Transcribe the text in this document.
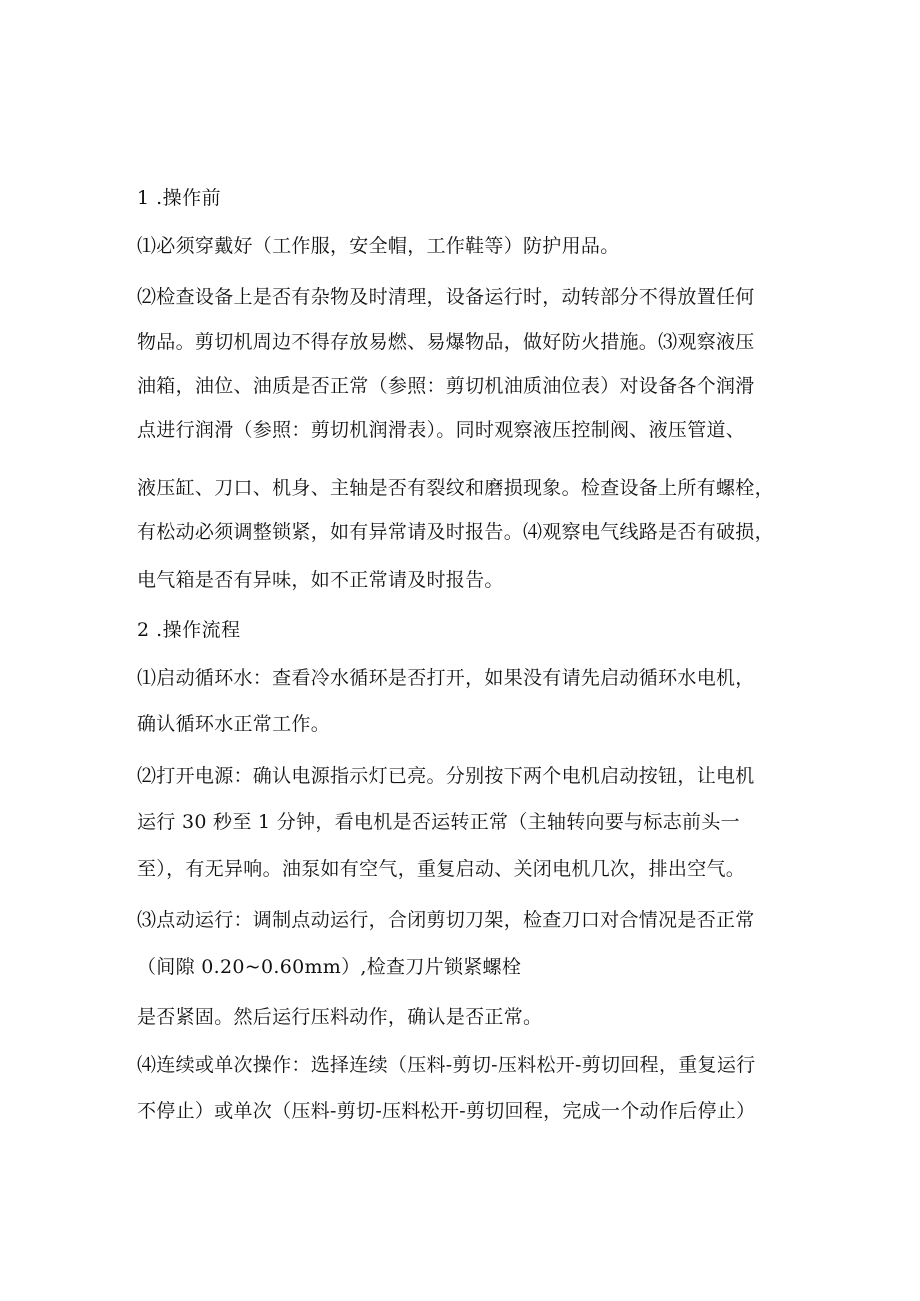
1 .操作前
⑴必须穿戴好（工作服，安全帽，工作鞋等）防护用品。
⑵检查设备上是否有杂物及时清理，设备运行时，动转部分不得放置任何
物品。剪切机周边不得存放易燃、易爆物品，做好防火措施。⑶观察液压
油箱，油位、油质是否正常（参照：剪切机油质油位表）对设备各个润滑
点进行润滑（参照：剪切机润滑表）。同时观察液压控制阀、液压管道、
液压缸、刀口、机身、主轴是否有裂纹和磨损现象。检查设备上所有螺栓，
有松动必须调整锁紧，如有异常请及时报告。⑷观察电气线路是否有破损，
电气箱是否有异味，如不正常请及时报告。
2 .操作流程
⑴启动循环水：查看冷水循环是否打开，如果没有请先启动循环水电机，
确认循环水正常工作。
⑵打开电源：确认电源指示灯已亮。分别按下两个电机启动按钮，让电机
运行 30 秒至 1 分钟，看电机是否运转正常（主轴转向要与标志前头一
至），有无异响。油泵如有空气，重复启动、关闭电机几次，排出空气。
⑶点动运行：调制点动运行，合闭剪切刀架，检查刀口对合情况是否正常
（间隙 0.20~0.60mm）,检查刀片锁紧螺栓
是否紧固。然后运行压料动作，确认是否正常。
⑷连续或单次操作：选择连续（压料-剪切-压料松开-剪切回程，重复运行
不停止）或单次（压料-剪切-压料松开-剪切回程，完成一个动作后停止）
